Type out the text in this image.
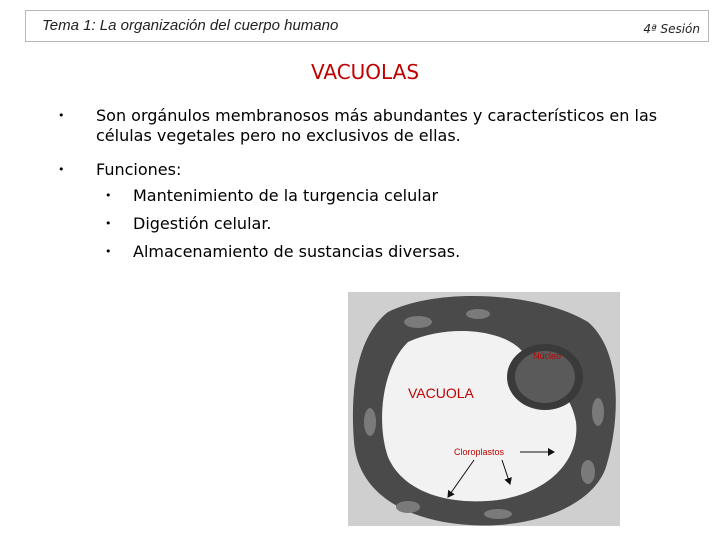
Tema 1: La organización del cuerpo humano	4ª Sesión
VACUOLAS
• Son orgánulos membranosos más abundantes y característicos en las células vegetales pero no exclusivos de ellas.
• Funciones:
• Mantenimiento de la turgencia celular
• Digestión celular.
• Almacenamiento de sustancias diversas.
Núcleo
VACUOLA
Cloroplastos
